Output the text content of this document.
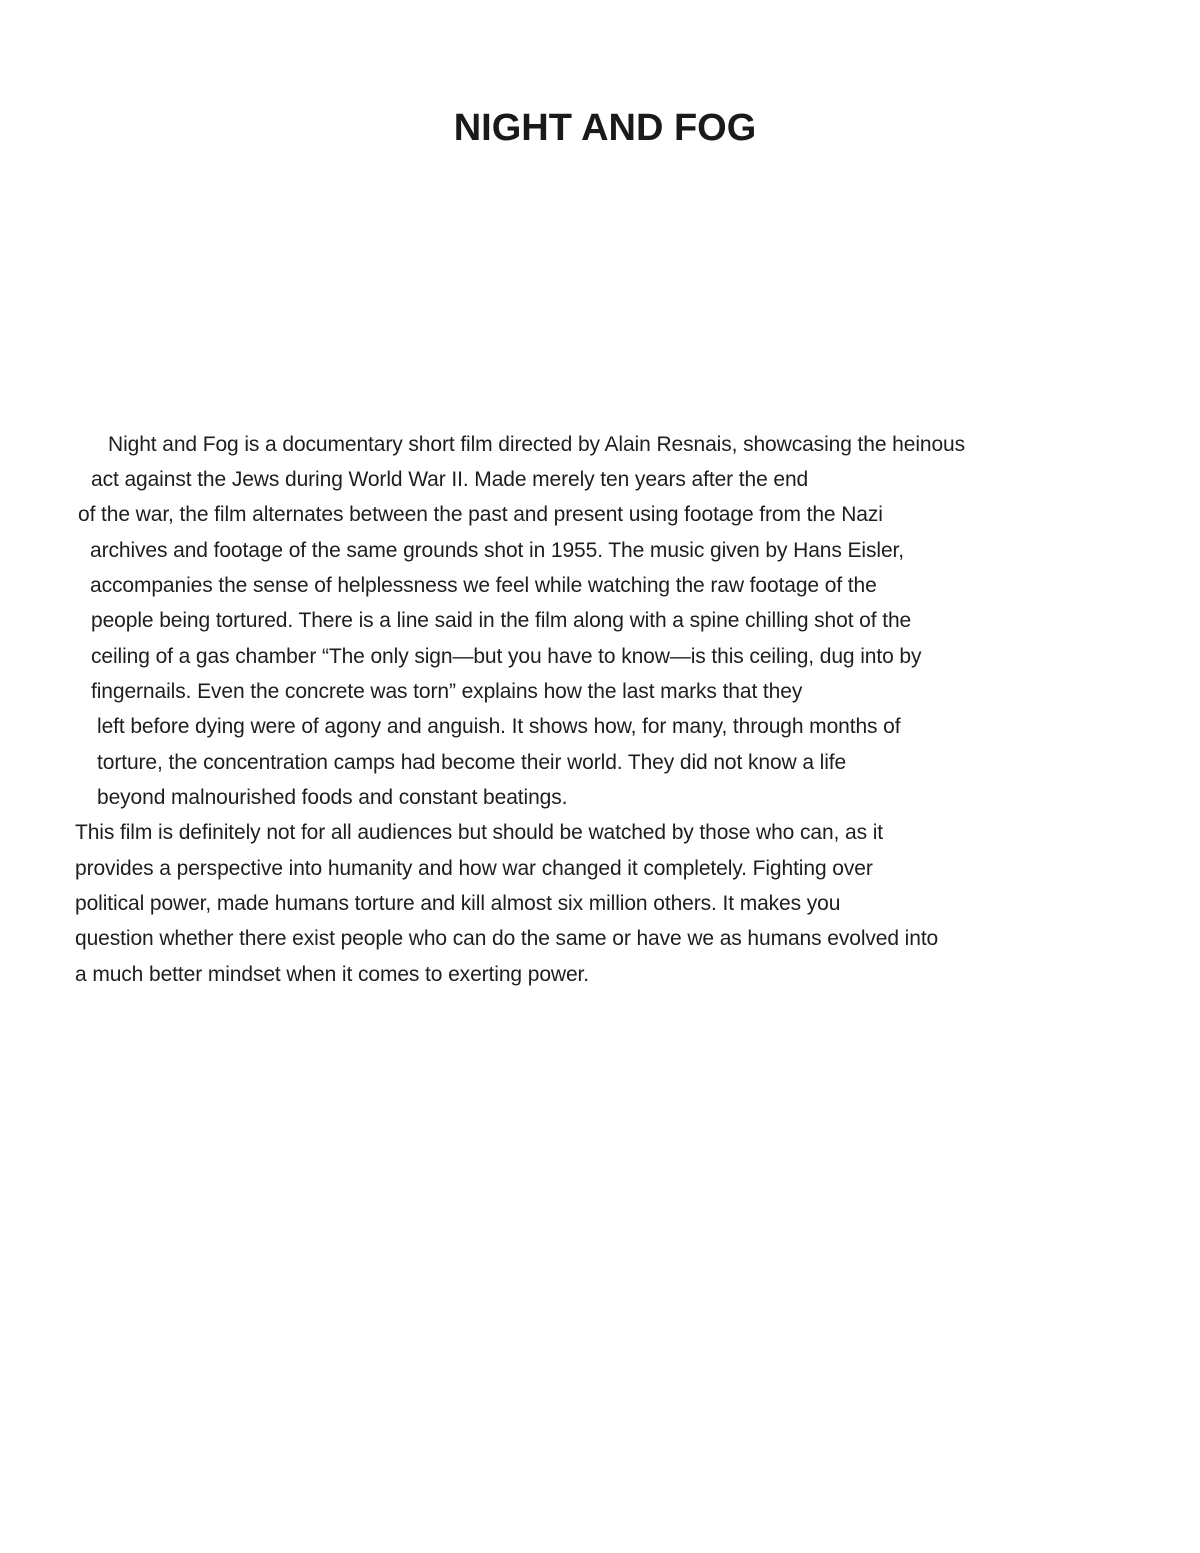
NIGHT AND FOG

Night and Fog is a documentary short film directed by Alain Resnais, showcasing the heinous

act against the Jews during World War II. Made merely ten years after the end

of the war, the film alternates between the past and present using footage from the Nazi

archives and footage of the same grounds shot in 1955. The music given by Hans Eisler,

accompanies the sense of helplessness we feel while watching the raw footage of the

people being tortured. There is a line said in the film along with a spine chilling shot of the

ceiling of a gas chamber “The only sign—but you have to know—is this ceiling, dug into by

fingernails. Even the concrete was torn” explains how the last marks that they

left before dying were of agony and anguish. It shows how, for many, through months of

torture, the concentration camps had become their world. They did not know a life

beyond malnourished foods and constant beatings.

This film is definitely not for all audiences but should be watched by those who can, as it

provides a perspective into humanity and how war changed it completely. Fighting over

political power, made humans torture and kill almost six million others. It makes you

question whether there exist people who can do the same or have we as humans evolved into

a much better mindset when it comes to exerting power.
